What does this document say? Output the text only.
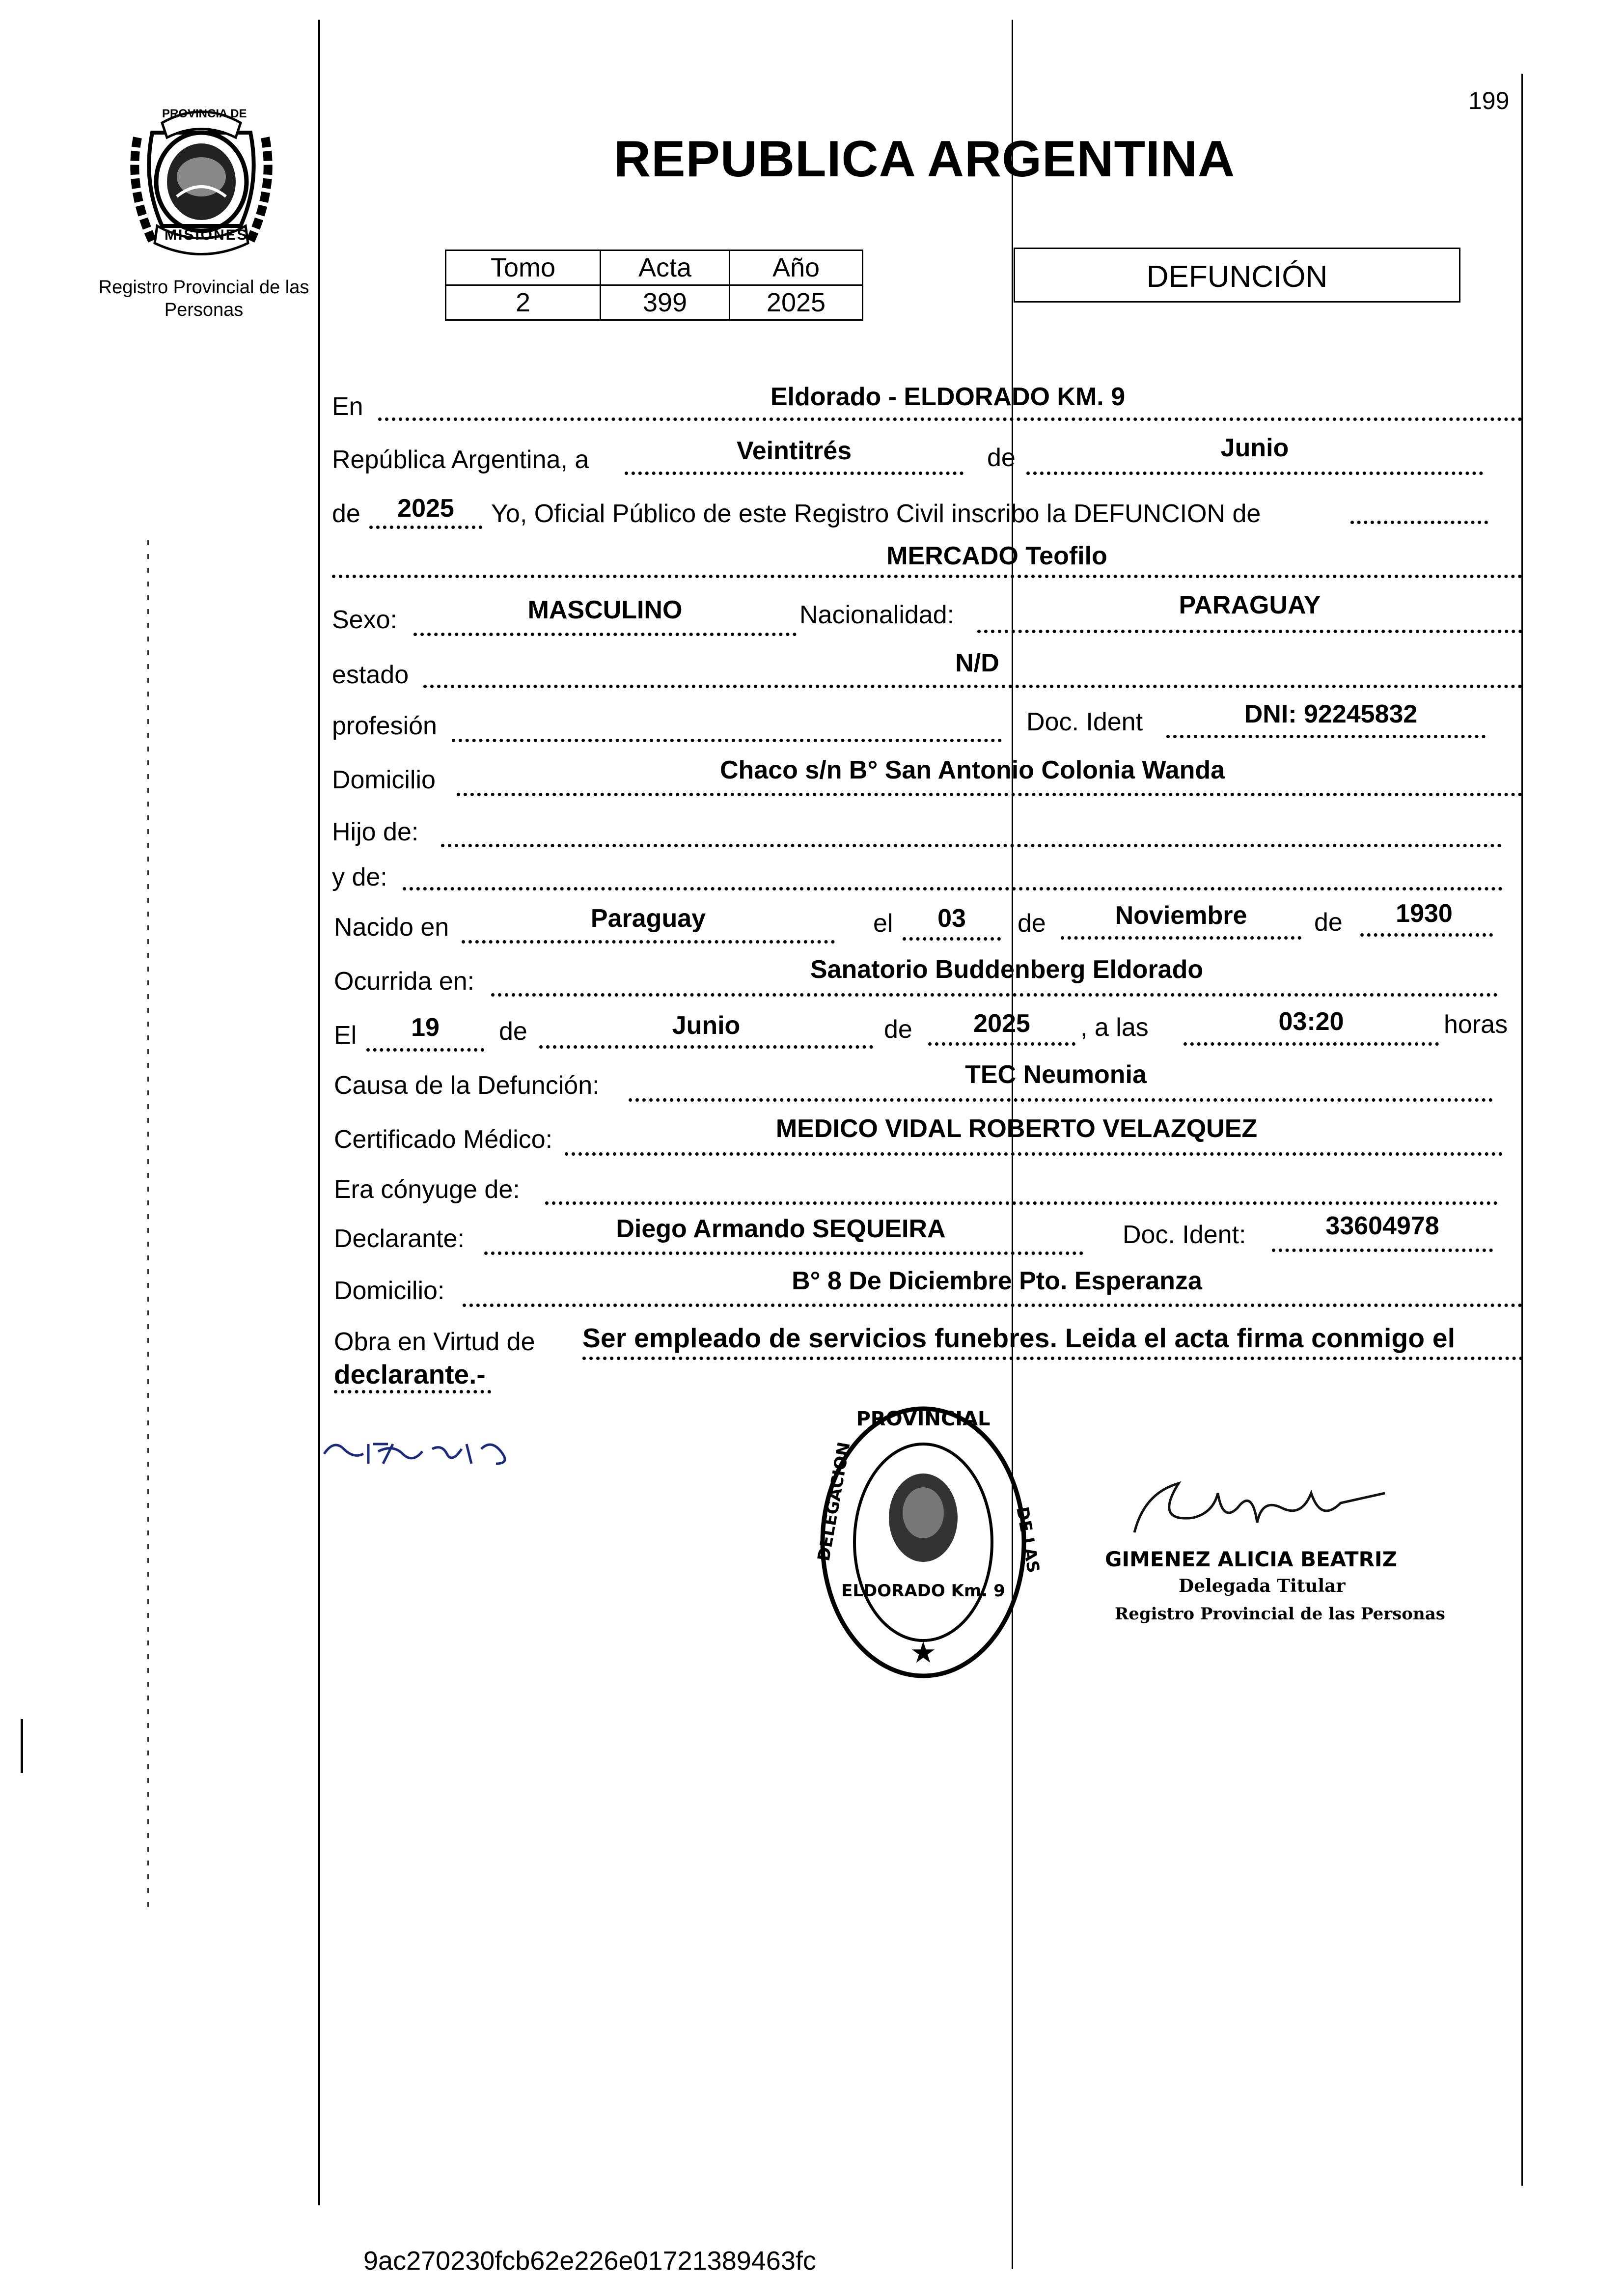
199
PROVINCIA DE
MISIONES
Registro Provincial de las Personas
REPUBLICA ARGENTINA
Tomo	Acta	Año
2	399	2025
DEFUNCIÓN
En	Eldorado - ELDORADO KM. 9
República Argentina, a	Veintitrés	de	Junio
de	2025	Yo, Oficial Público de este Registro Civil inscribo la DEFUNCION de
MERCADO Teofilo
Sexo:	MASCULINO	Nacionalidad:	PARAGUAY
estado	N/D
profesión	Doc. Ident	DNI: 92245832
Domicilio	Chaco s/n B° San Antonio Colonia Wanda
Hijo de:
y de:
Nacido en	Paraguay	el	03	de	Noviembre	de	1930
Ocurrida en:	Sanatorio Buddenberg Eldorado
El	19	de	Junio	de	2025	, a las	03:20	horas
Causa de la Defunción:	TEC Neumonia
Certificado Médico:	MEDICO VIDAL ROBERTO VELAZQUEZ
Era cónyuge de:
Declarante:	Diego Armando SEQUEIRA	Doc. Ident:	33604978
Domicilio:	B° 8 De Diciembre Pto. Esperanza
Obra en Virtud de Ser empleado de servicios funebres. Leida el acta firma conmigo el
declarante.-
PROVINCIAL
ELDORADO Km. 9
★
DELEGACION	DE LAS	GIMENEZ ALICIA BEATRIZ
Delegada Titular
Registro Provincial de las Personas
9ac270230fcb62e226e01721389463fc
